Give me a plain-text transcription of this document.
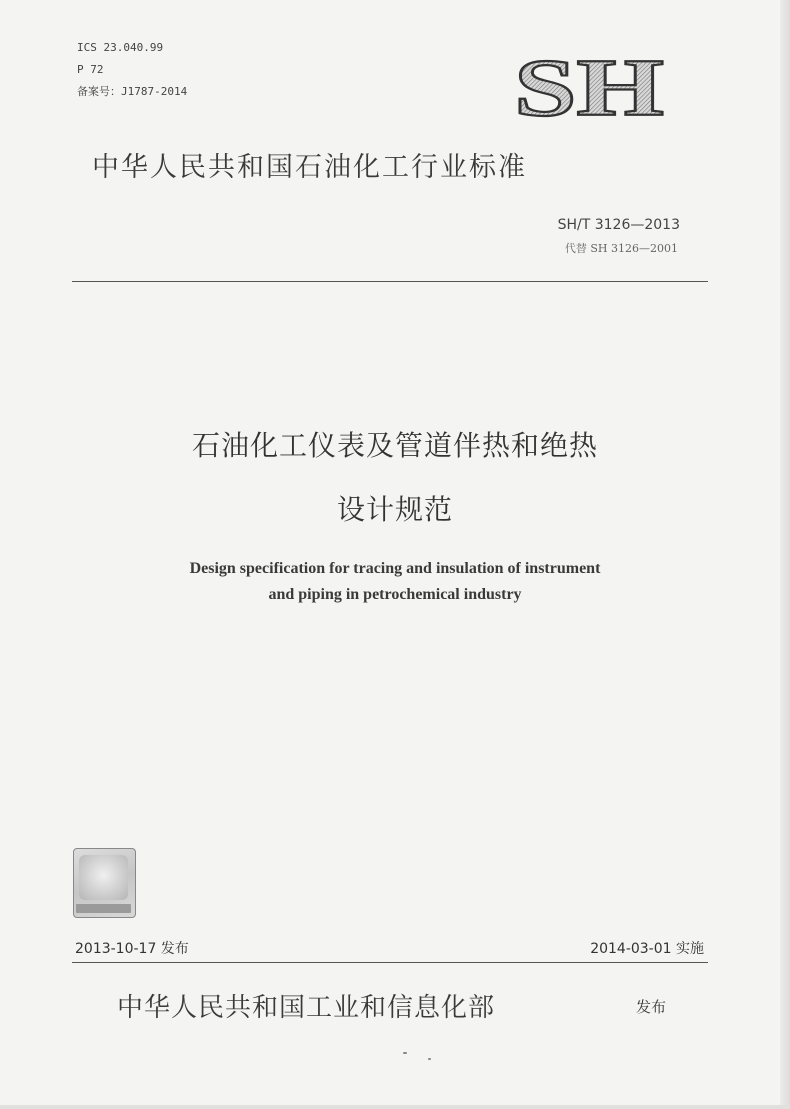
ICS 23.040.99
P 72
备案号：J1787-2014	SH
中华人民共和国石油化工行业标准
SH/T 3126—2013
代替 SH 3126—2001
石油化工仪表及管道伴热和绝热
设计规范
Design specification for tracing and insulation of instrument
and piping in petrochemical industry
2013-10-17 发布	2014-03-01 实施
中华人民共和国工业和信息化部	发布
